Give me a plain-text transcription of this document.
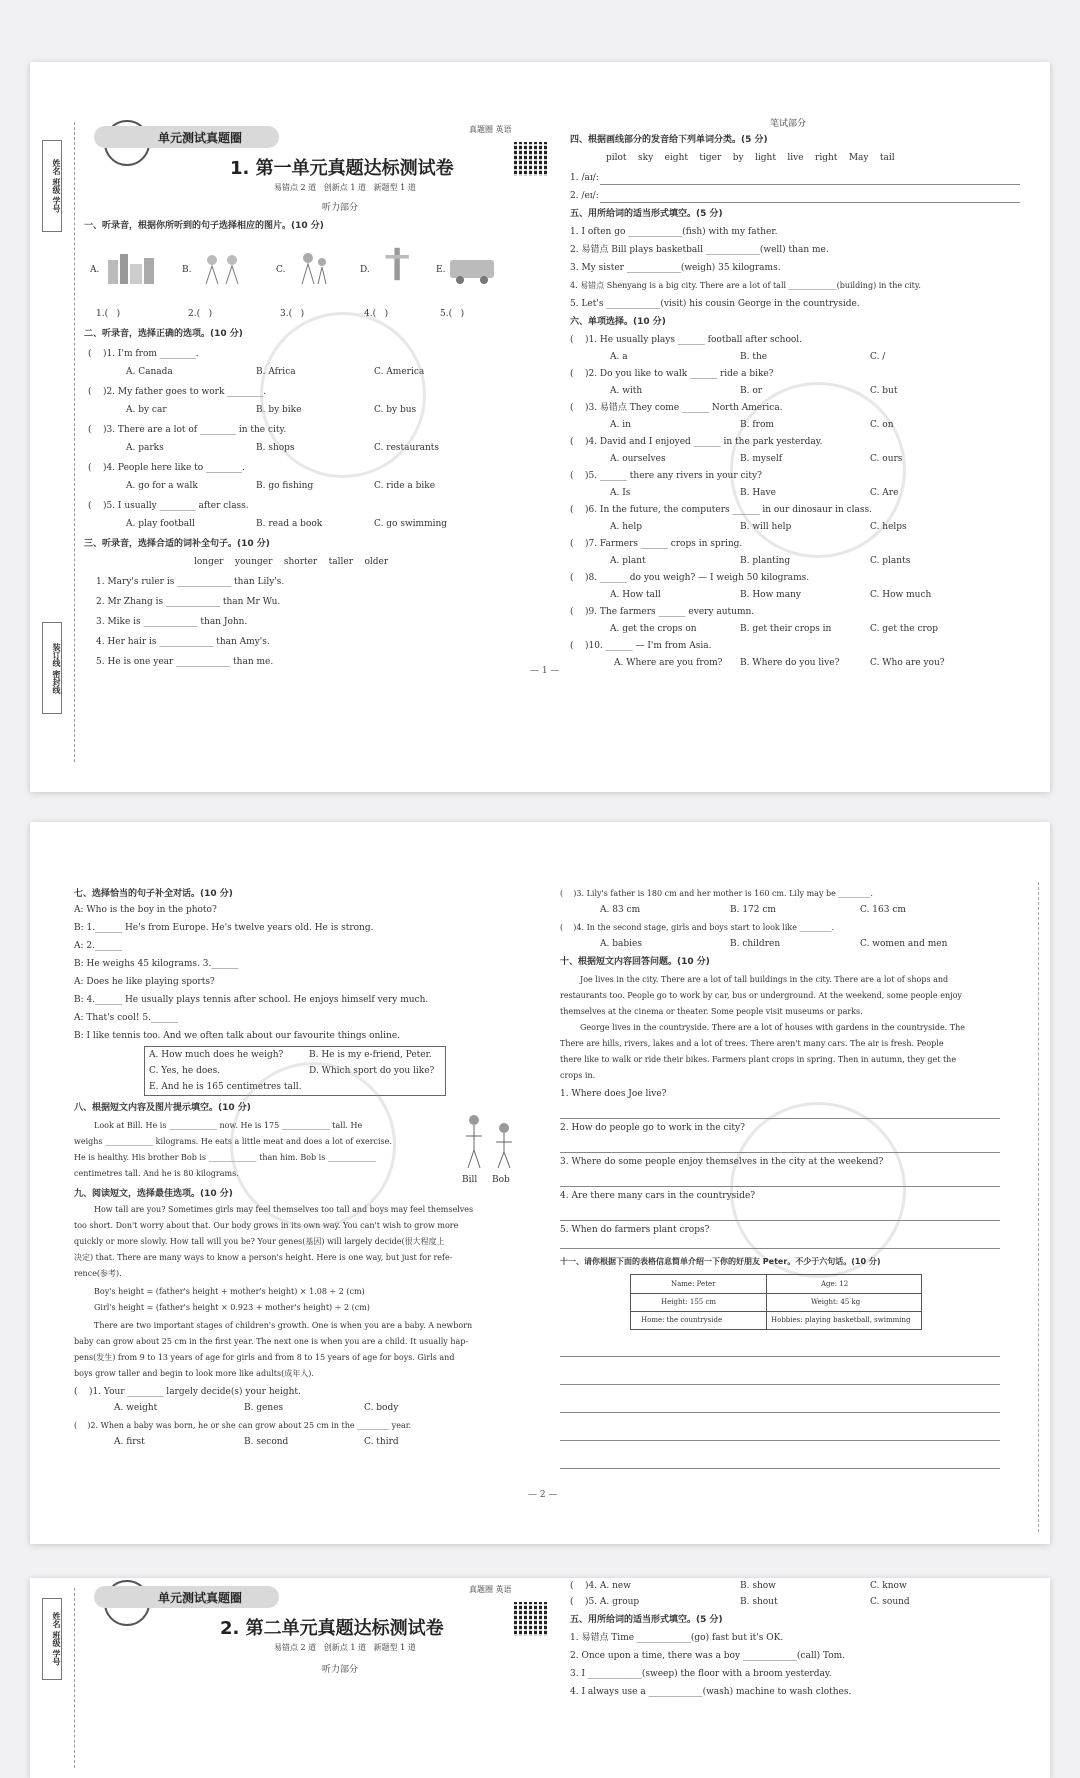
姓名 班级 学号
装订线 密封线
单元测试真题圈
真题圈 英语
1. 第一单元真题达标测试卷
易错点 2 道   创新点 1 道   新题型 1 道
听力部分
一、听录音，根据你所听到的句子选择相应的图片。(10 分)
A.	B.	C.	D.	E.
1.(   )	2.(   )	3.(   )	4.(   )	5.(   )
二、听录音，选择正确的选项。(10 分)
(    )1. I'm from ________.
A. Canada	B. Africa	C. America
(    )2. My father goes to work ________.
A. by car	B. by bike	C. by bus
(    )3. There are a lot of ________ in the city.
A. parks	B. shops	C. restaurants
(    )4. People here like to ________.
A. go for a walk	B. go fishing	C. ride a bike
(    )5. I usually ________ after class.
A. play football	B. read a book	C. go swimming
三、听录音，选择合适的词补全句子。(10 分)
longer    younger    shorter    taller    older
1. Mary's ruler is ____________ than Lily's.
2. Mr Zhang is ____________ than Mr Wu.
3. Mike is ____________ than John.
4. Her hair is ____________ than Amy's.
5. He is one year ____________ than me.
笔试部分
四、根据画线部分的发音给下列单词分类。(5 分)
pilot    sky    eight    tiger    by    light    live    right    May    tail
1. /aɪ/:
2. /eɪ/:
五、用所给词的适当形式填空。(5 分)
1. I often go ____________(fish) with my father.
2. 易错点 Bill plays basketball ____________(well) than me.
3. My sister ____________(weigh) 35 kilograms.
4. 易错点 Shenyang is a big city. There are a lot of tall ____________(building) in the city.
5. Let's ____________(visit) his cousin George in the countryside.
六、单项选择。(10 分)
(    )1. He usually plays ______ football after school.
A. a	B. the	C. /
(    )2. Do you like to walk ______ ride a bike?
A. with	B. or	C. but
(    )3. 易错点 They come ______ North America.
A. in	B. from	C. on
(    )4. David and I enjoyed ______ in the park yesterday.
A. ourselves	B. myself	C. ours
(    )5. ______ there any rivers in your city?
A. Is	B. Have	C. Are
(    )6. In the future, the computers ______ in our dinosaur in class.
A. help	B. will help	C. helps
(    )7. Farmers ______ crops in spring.
A. plant	B. planting	C. plants
(    )8. ______ do you weigh? — I weigh 50 kilograms.
A. How tall	B. How many	C. How much
(    )9. The farmers ______ every autumn.
A. get the crops on	B. get their crops in	C. get the crop
(    )10. ______ — I'm from Asia.
A. Where are you from? B. Where do you live?	C. Who are you?
— 1 —
七、选择恰当的句子补全对话。(10 分)
A: Who is the boy in the photo?
B: 1.______ He's from Europe. He's twelve years old. He is strong.
A: 2.______
B: He weighs 45 kilograms. 3.______
A: Does he like playing sports?
B: 4.______ He usually plays tennis after school. He enjoys himself very much.
A: That's cool! 5.______
B: I like tennis too. And we often talk about our favourite things online.
A. How much does he weigh?	B. He is my e-friend, Peter.
C. Yes, he does.	D. Which sport do you like?
E. And he is 165 centimetres tall.
八、根据短文内容及图片提示填空。(10 分)
Look at Bill. He is ____________ now. He is 175 ____________ tall. He
weighs ____________ kilograms. He eats a little meat and does a lot of exercise.
He is healthy. His brother Bob is ____________ than him. Bob is ____________
centimetres tall. And he is 80 kilograms.
Bill Bob
九、阅读短文，选择最佳选项。(10 分)
How tall are you? Sometimes girls may feel themselves too tall and boys may feel themselves
too short. Don't worry about that. Our body grows in its own way. You can't wish to grow more
quickly or more slowly. How tall will you be? Your genes(基因) will largely decide(很大程度上
决定) that. There are many ways to know a person's height. Here is one way, but just for refe-
rence(参考).
Boy's height = (father's height + mother's height) × 1.08 ÷ 2 (cm)
Girl's height = (father's height × 0.923 + mother's height) ÷ 2 (cm)
There are two important stages of children's growth. One is when you are a baby. A newborn
baby can grow about 25 cm in the first year. The next one is when you are a child. It usually hap-
pens(发生) from 9 to 13 years of age for girls and from 8 to 15 years of age for boys. Girls and
boys grow taller and begin to look more like adults(成年人).
(    )1. Your ________ largely decide(s) your height.
A. weight	B. genes	C. body
(    )2. When a baby was born, he or she can grow about 25 cm in the ________ year.
A. first	B. second	C. third
— 2 —
(    )3. Lily's father is 180 cm and her mother is 160 cm. Lily may be ________.
A. 83 cm	B. 172 cm	C. 163 cm
(    )4. In the second stage, girls and boys start to look like ________.
A. babies	B. children	C. women and men
十、根据短文内容回答问题。(10 分)
Joe lives in the city. There are a lot of tall buildings in the city. There are a lot of shops and
restaurants too. People go to work by car, bus or underground. At the weekend, some people enjoy
themselves at the cinema or theater. Some people visit museums or parks.
George lives in the countryside. There are a lot of houses with gardens in the countryside. The
There are hills, rivers, lakes and a lot of trees. There aren't many cars. The air is fresh. People
there like to walk or ride their bikes. Farmers plant crops in spring. Then in autumn, they get the
crops in.
1. Where does Joe live?
2. How do people go to work in the city?
3. Where do some people enjoy themselves in the city at the weekend?
4. Are there many cars in the countryside?
5. When do farmers plant crops?
十一、请你根据下面的表格信息简单介绍一下你的好朋友 Peter。不少于六句话。(10 分)
Name: Peter	Age: 12
Height: 155 cm	Weight: 45 kg
Home: the countryside	Hobbies: playing basketball, swimming
姓名 班级 学号
单元测试真题圈
真题圈 英语
2. 第二单元真题达标测试卷
易错点 2 道   创新点 1 道   新题型 1 道
听力部分
(    )4. A. new	B. show	C. know
(    )5. A. group	B. shout	C. sound
五、用所给词的适当形式填空。(5 分)
1. 易错点 Time ____________(go) fast but it's OK.
2. Once upon a time, there was a boy ____________(call) Tom.
3. I ____________(sweep) the floor with a broom yesterday.
4. I always use a ____________(wash) machine to wash clothes.
